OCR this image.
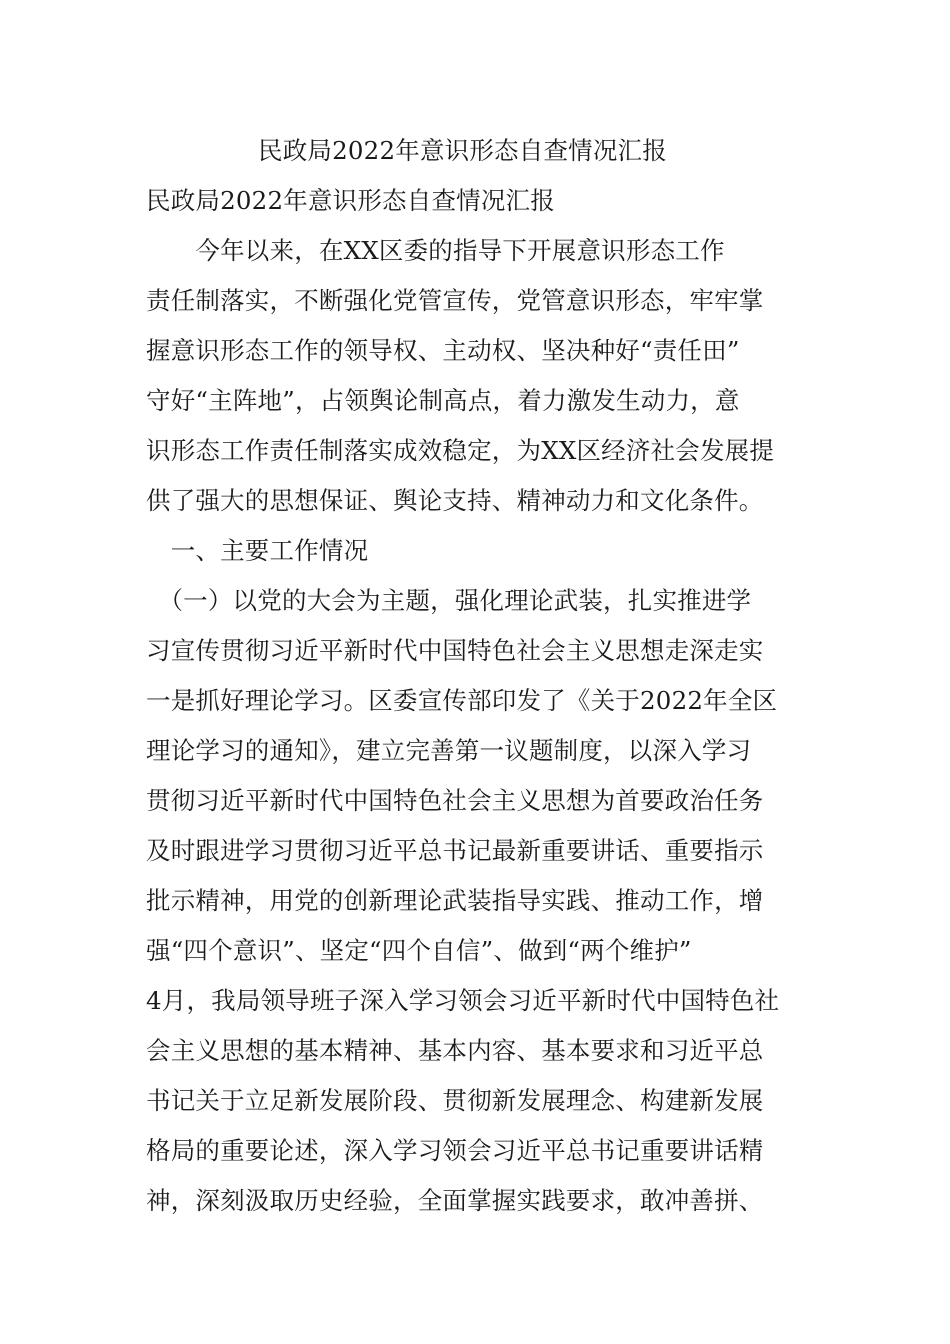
民政局2022年意识形态自查情况汇报
民政局2022年意识形态自查情况汇报
　　今年以来，在XX区委的指导下开展意识形态工作
责任制落实，不断强化党管宣传，党管意识形态，牢牢掌
握意识形态工作的领导权、主动权、坚决种好“责任田”
守好“主阵地”，占领舆论制高点，着力激发生动力，意
识形态工作责任制落实成效稳定，为XX区经济社会发展提
供了强大的思想保证、舆论支持、精神动力和文化条件。
　一、主要工作情况
　（一）以党的大会为主题，强化理论武装，扎实推进学
习宣传贯彻习近平新时代中国特色社会主义思想走深走实
一是抓好理论学习。区委宣传部印发了《关于2022年全区
理论学习的通知》，建立完善第一议题制度，以深入学习
贯彻习近平新时代中国特色社会主义思想为首要政治任务
及时跟进学习贯彻习近平总书记最新重要讲话、重要指示
批示精神，用党的创新理论武装指导实践、推动工作，增
强“四个意识”、坚定“四个自信”、做到“两个维护”
4月，我局领导班子深入学习领会习近平新时代中国特色社
会主义思想的基本精神、基本内容、基本要求和习近平总
书记关于立足新发展阶段、贯彻新发展理念、构建新发展
格局的重要论述，深入学习领会习近平总书记重要讲话精
神，深刻汲取历史经验，全面掌握实践要求，敢冲善拼、
